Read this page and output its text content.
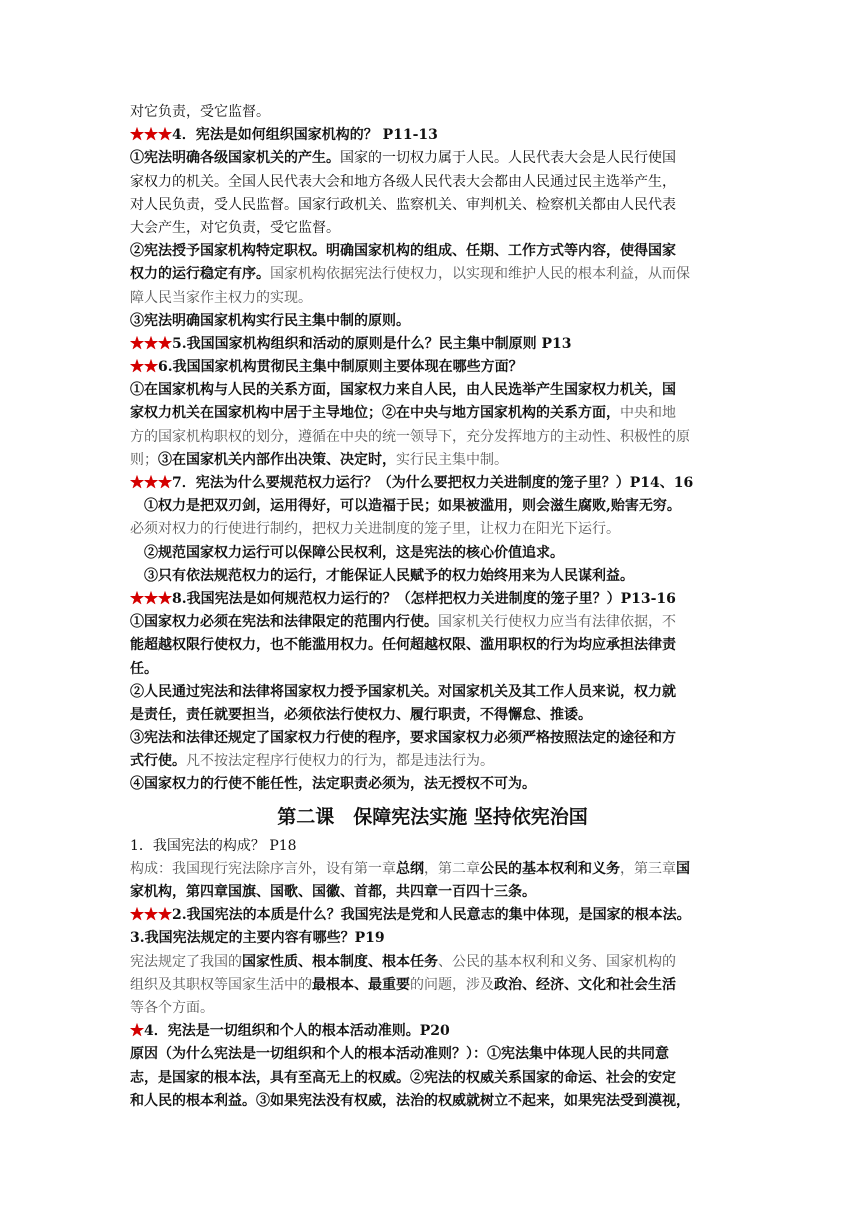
对它负责，受它监督。
★★★4．宪法是如何组织国家机构的？ P11-13
①宪法明确各级国家机关的产生。国家的一切权力属于人民。人民代表大会是人民行使国
家权力的机关。全国人民代表大会和地方各级人民代表大会都由人民通过民主选举产生，
对人民负责，受人民监督。国家行政机关、监察机关、审判机关、检察机关都由人民代表
大会产生，对它负责，受它监督。
②宪法授予国家机构特定职权。明确国家机构的组成、任期、工作方式等内容，使得国家
权力的运行稳定有序。国家机构依据宪法行使权力，以实现和维护人民的根本利益，从而保
障人民当家作主权力的实现。
③宪法明确国家机构实行民主集中制的原则。
★★★5.我国国家机构组织和活动的原则是什么？民主集中制原则 P13
★★6.我国国家机构贯彻民主集中制原则主要体现在哪些方面？
①在国家机构与人民的关系方面，国家权力来自人民，由人民选举产生国家权力机关，国
家权力机关在国家机构中居于主导地位；②在中央与地方国家机构的关系方面，中央和地
方的国家机构职权的划分，遵循在中央的统一领导下，充分发挥地方的主动性、积极性的原
则；③在国家机关内部作出决策、决定时，实行民主集中制。
★★★7．宪法为什么要规范权力运行？（为什么要把权力关进制度的笼子里？）P14、16
①权力是把双刃剑，运用得好，可以造福于民；如果被滥用，则会滋生腐败,贻害无穷。
必须对权力的行使进行制约，把权力关进制度的笼子里，让权力在阳光下运行。
②规范国家权力运行可以保障公民权利，这是宪法的核心价值追求。
③只有依法规范权力的运行，才能保证人民赋予的权力始终用来为人民谋利益。
★★★8.我国宪法是如何规范权力运行的？（怎样把权力关进制度的笼子里？）P13-16
①国家权力必须在宪法和法律限定的范围内行使。国家机关行使权力应当有法律依据，不
能超越权限行使权力，也不能滥用权力。任何超越权限、滥用职权的行为均应承担法律责
任。
②人民通过宪法和法律将国家权力授予国家机关。对国家机关及其工作人员来说，权力就
是责任，责任就要担当，必须依法行使权力、履行职责，不得懈怠、推诿。
③宪法和法律还规定了国家权力行使的程序，要求国家权力必须严格按照法定的途径和方
式行使。凡不按法定程序行使权力的行为，都是违法行为。
④国家权力的行使不能任性，法定职责必须为，法无授权不可为。
第二课　保障宪法实施 坚持依宪治国
1．我国宪法的构成？ P18
构成：我国现行宪法除序言外，设有第一章总纲，第二章公民的基本权利和义务，第三章国
家机构，第四章国旗、国歌、国徽、首都，共四章一百四十三条。
★★★2.我国宪法的本质是什么？我国宪法是党和人民意志的集中体现，是国家的根本法。
3.我国宪法规定的主要内容有哪些？P19
宪法规定了我国的国家性质、根本制度、根本任务、公民的基本权利和义务、国家机构的
组织及其职权等国家生活中的最根本、最重要的问题，涉及政治、经济、文化和社会生活
等各个方面。
★4．宪法是一切组织和个人的根本活动准则。P20
原因（为什么宪法是一切组织和个人的根本活动准则？）：①宪法集中体现人民的共同意
志，是国家的根本法，具有至高无上的权威。②宪法的权威关系国家的命运、社会的安定
和人民的根本利益。③如果宪法没有权威，法治的权威就树立不起来，如果宪法受到漠视，
